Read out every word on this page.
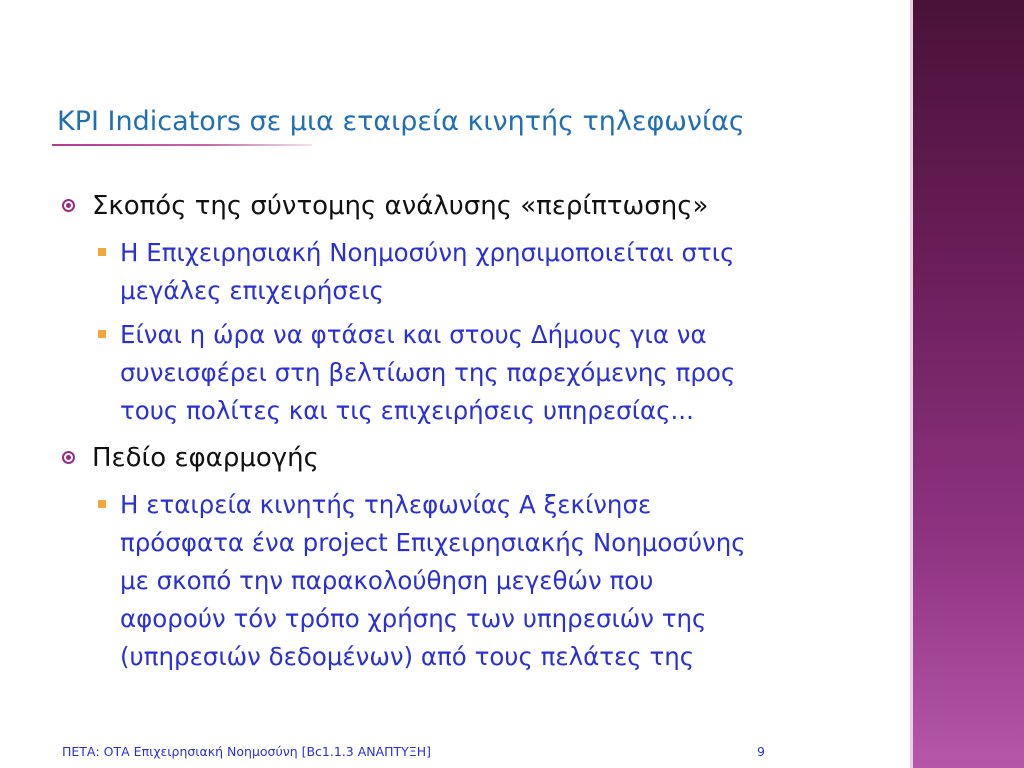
KPI Indicators σε μια εταιρεία κινητής τηλεφωνίας
Σκοπός της σύντομης ανάλυσης «περίπτωσης»
Η Επιχειρησιακή Νοημοσύνη χρησιμοποιείται στις
μεγάλες επιχειρήσεις
Είναι η ώρα να φτάσει και στους Δήμους για να
συνεισφέρει στη βελτίωση της παρεχόμενης προς
τους πολίτες και τις επιχειρήσεις υπηρεσίας...
Πεδίο εφαρμογής
Η εταιρεία κινητής τηλεφωνίας Α ξεκίνησε
πρόσφατα ένα project Επιχειρησιακής Νοημοσύνης
με σκοπό την παρακολούθηση μεγεθών που
αφορούν τόν τρόπο χρήσης των υπηρεσιών της
(υπηρεσιών δεδομένων) από τους πελάτες της
ΠΕΤΑ: ΟΤΑ Επιχειρησιακή Νοημοσύνη [Bc1.1.3 ΑΝΑΠΤΥΞΗ]	9
